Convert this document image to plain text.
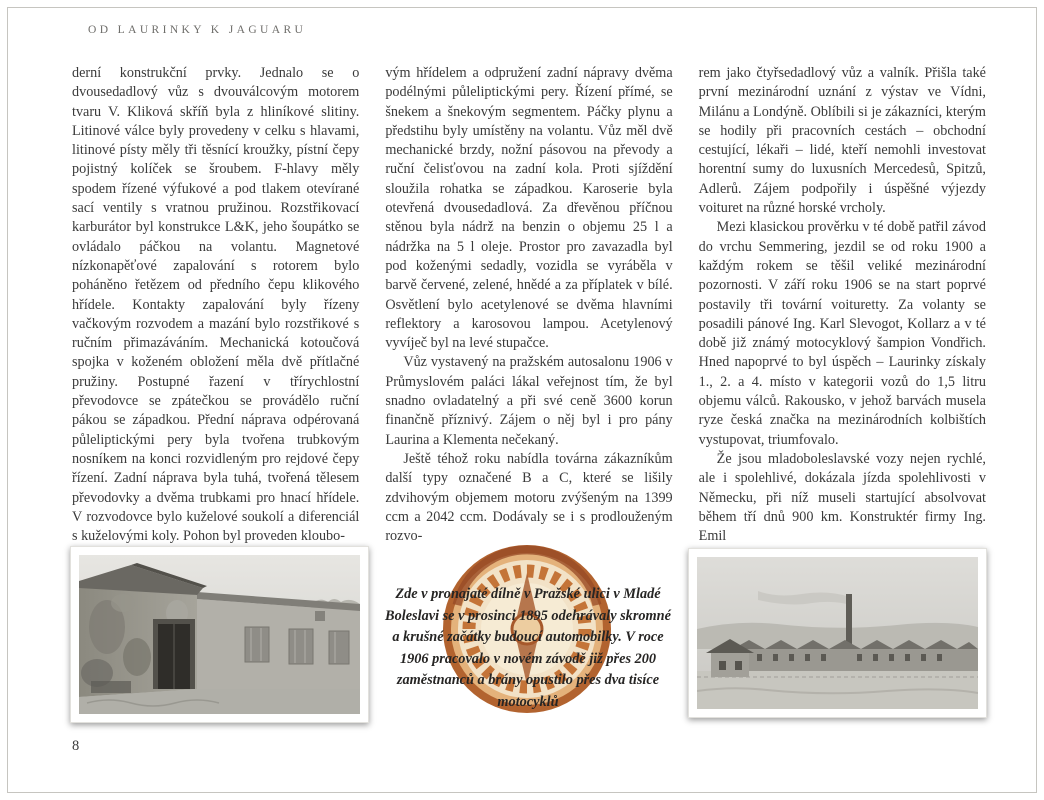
OD LAURINKY K JAGUARU

derní konstrukční prvky. Jednalo se o dvousedadlový vůz s dvouválcovým motorem tvaru V. Kliková skříň byla z hliníkové slitiny. Litinové válce byly provedeny v celku s hlavami, litinové písty měly tři těsnící kroužky, pístní čepy pojistný kolíček se šroubem. F-hlavy měly spodem řízené výfukové a pod tlakem otevírané sací ventily s vratnou pružinou. Rozstřikovací karburátor byl konstrukce L&K, jeho šoupátko se ovládalo páčkou na volantu. Magnetové nízkonapěťové zapalování s rotorem bylo poháněno řetězem od předního čepu klikového hřídele. Kontakty zapalování byly řízeny vačkovým rozvodem a mazání bylo rozstřikové s ručním přimazáváním. Mechanická kotoučová spojka v koženém obložení měla dvě přítlačné pružiny. Postupné řazení v třírychlostní převodovce se zpátečkou se provádělo ruční pákou se západkou. Přední náprava odpérovaná půleliptickými pery byla tvořena trubkovým nosníkem na konci rozvidleným pro rejdové čepy řízení. Zadní náprava byla tuhá, tvořená tělesem převodovky a dvěma trubkami pro hnací hřídele. V rozvodovce bylo kuželové soukolí a diferenciál s kuželovými koly. Pohon byl proveden kloubo-

vým hřídelem a odpružení zadní nápravy dvěma podélnými půleliptickými pery. Řízení přímé, se šnekem a šnekovým segmentem. Páčky plynu a předstihu byly umístěny na volantu. Vůz měl dvě mechanické brzdy, nožní pásovou na převody a ruční čelisťovou na zadní kola. Proti sjíždění sloužila rohatka se západkou. Karoserie byla otevřená dvousedadlová. Za dřevěnou příčnou stěnou byla nádrž na benzin o objemu 25 l a nádržka na 5 l oleje. Prostor pro zavazadla byl pod koženými sedadly, vozidla se vyráběla v barvě červené, zelené, hnědé a za příplatek v bílé. Osvětlení bylo acetylenové se dvěma hlavními reflektory a karosovou lampou. Acetylenový vyvíječ byl na levé stupačce.

Vůz vystavený na pražském autosalonu 1906 v Průmyslovém paláci lákal veřejnost tím, že byl snadno ovladatelný a při své ceně 3600 korun finančně příznivý. Zájem o něj byl i pro pány Laurina a Klementa nečekaný.

Ještě téhož roku nabídla továrna zákazníkům další typy označené B a C, které se lišily zdvihovým objemem motoru zvýšeným na 1399 ccm a 2042 ccm. Dodávaly se i s prodlouženým rozvo-

rem jako čtyřsedadlový vůz a valník. Přišla také první mezinárodní uznání z výstav ve Vídni, Milánu a Londýně. Oblíbili si je zákazníci, kterým se hodily při pracovních cestách – obchodní cestující, lékaři – lidé, kteří nemohli investovat horentní sumy do luxusních Mercedesů, Spitzů, Adlerů. Zájem podpořily i úspěšné výjezdy voituret na různé horské vrcholy.

Mezi klasickou prověrku v té době patřil závod do vrchu Semmering, jezdil se od roku 1900 a každým rokem se těšil veliké mezinárodní pozornosti. V září roku 1906 se na start poprvé postavily tři tovární voituretty. Za volanty se posadili pánové Ing. Karl Slevogot, Kollarz a v té době již známý motocyklový šampion Vondřich. Hned napoprvé to byl úspěch – Laurinky získaly 1., 2. a 4. místo v kategorii vozů do 1,5 litru objemu válců. Rakousko, v jehož barvách musela ryze česká značka na mezinárodních kolbištích vystupovat, triumfovalo.

Že jsou mladoboleslavské vozy nejen rychlé, ale i spolehlivé, dokázala jízda spolehlivosti v Německu, při níž museli startující absolvovat během tří dnů 900 km. Konstruktér firmy Ing. Emil

Zde v pronajaté dílně v Pražské ulici v Mladé Boleslavi se v prosinci 1895 odehrávaly skromné a krušné začátky budoucí automobilky. V roce 1906 pracovalo v novém závodě již přes 200 zaměstnanců a brány opustilo přes dva tisíce motocyklů
8
